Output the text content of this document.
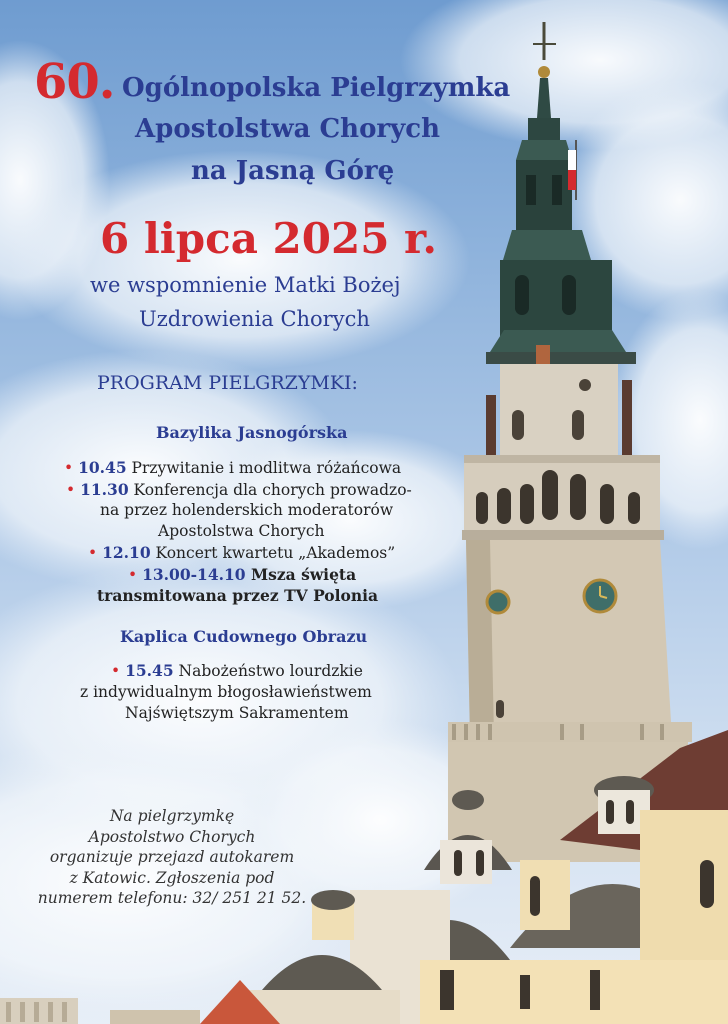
60. Ogólnopolska Pielgrzymka
Apostolstwa Chorych
na Jasną Górę
6 lipca 2025 r.
we wspomnienie Matki Bożej
Uzdrowienia Chorych
PROGRAM PIELGRZYMKI:
Bazylika Jasnogórska
• 10.45 Przywitanie i modlitwa różańcowa
• 11.30 Konferencja dla chorych prowadzo-
na przez holenderskich moderatorów
Apostolstwa Chorych
• 12.10 Koncert kwartetu „Akademos”
• 13.00-14.10 Msza święta
transmitowana przez TV Polonia
Kaplica Cudownego Obrazu
• 15.45 Nabożeństwo lourdzkie
z indywidualnym błogosławieństwem
Najświętszym Sakramentem
Na pielgrzymkę
Apostolstwo Chorych
organizuje przejazd autokarem
z Katowic. Zgłoszenia pod
numerem telefonu: 32/ 251 21 52.
